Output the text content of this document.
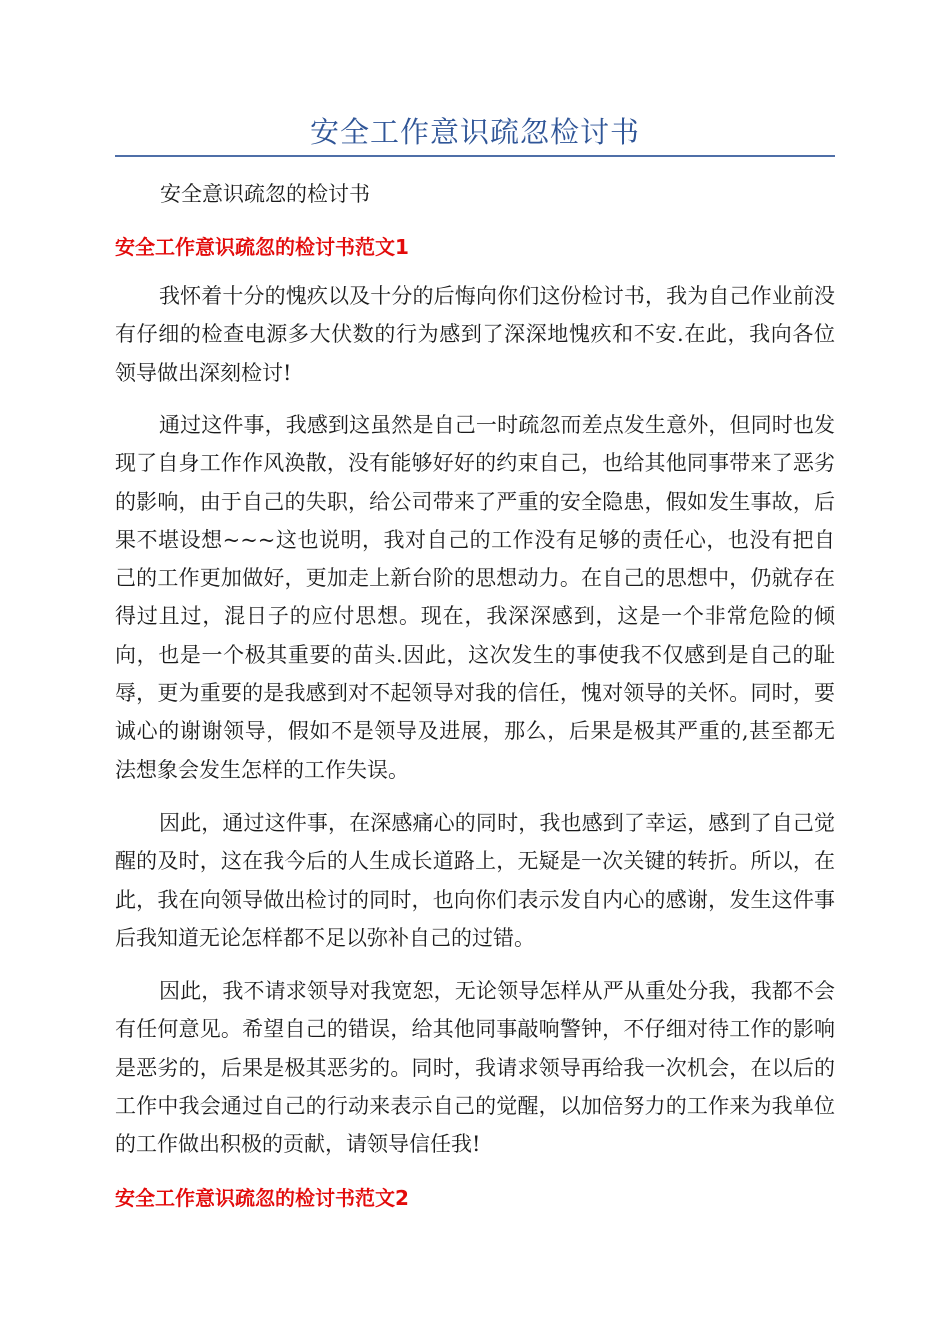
安全工作意识疏忽检讨书
安全意识疏忽的检讨书
安全工作意识疏忽的检讨书范文1

我怀着十分的愧疚以及十分的后悔向你们这份检讨书，我为自己作业前没有仔细的检查电源多大伏数的行为感到了深深地愧疚和不安.在此，我向各位领导做出深刻检讨!

通过这件事，我感到这虽然是自己一时疏忽而差点发生意外，但同时也发现了自身工作作风涣散，没有能够好好的约束自己，也给其他同事带来了恶劣的影响，由于自己的失职，给公司带来了严重的安全隐患，假如发生事故，后果不堪设想~~~这也说明，我对自己的工作没有足够的责任心，也没有把自己的工作更加做好，更加走上新台阶的思想动力。在自己的思想中，仍就存在得过且过，混日子的应付思想。现在，我深深感到，这是一个非常危险的倾向，也是一个极其重要的苗头.因此，这次发生的事使我不仅感到是自己的耻辱，更为重要的是我感到对不起领导对我的信任，愧对领导的关怀。同时，要诚心的谢谢领导，假如不是领导及进展，那么，后果是极其严重的,甚至都无法想象会发生怎样的工作失误。

因此，通过这件事，在深感痛心的同时，我也感到了幸运，感到了自己觉醒的及时，这在我今后的人生成长道路上，无疑是一次关键的转折。所以，在此，我在向领导做出检讨的同时，也向你们表示发自内心的感谢，发生这件事后我知道无论怎样都不足以弥补自己的过错。

因此，我不请求领导对我宽恕，无论领导怎样从严从重处分我，我都不会有任何意见。希望自己的错误，给其他同事敲响警钟，不仔细对待工作的影响是恶劣的，后果是极其恶劣的。同时，我请求领导再给我一次机会，在以后的工作中我会通过自己的行动来表示自己的觉醒，以加倍努力的工作来为我单位的工作做出积极的贡献，请领导信任我!

安全工作意识疏忽的检讨书范文2
